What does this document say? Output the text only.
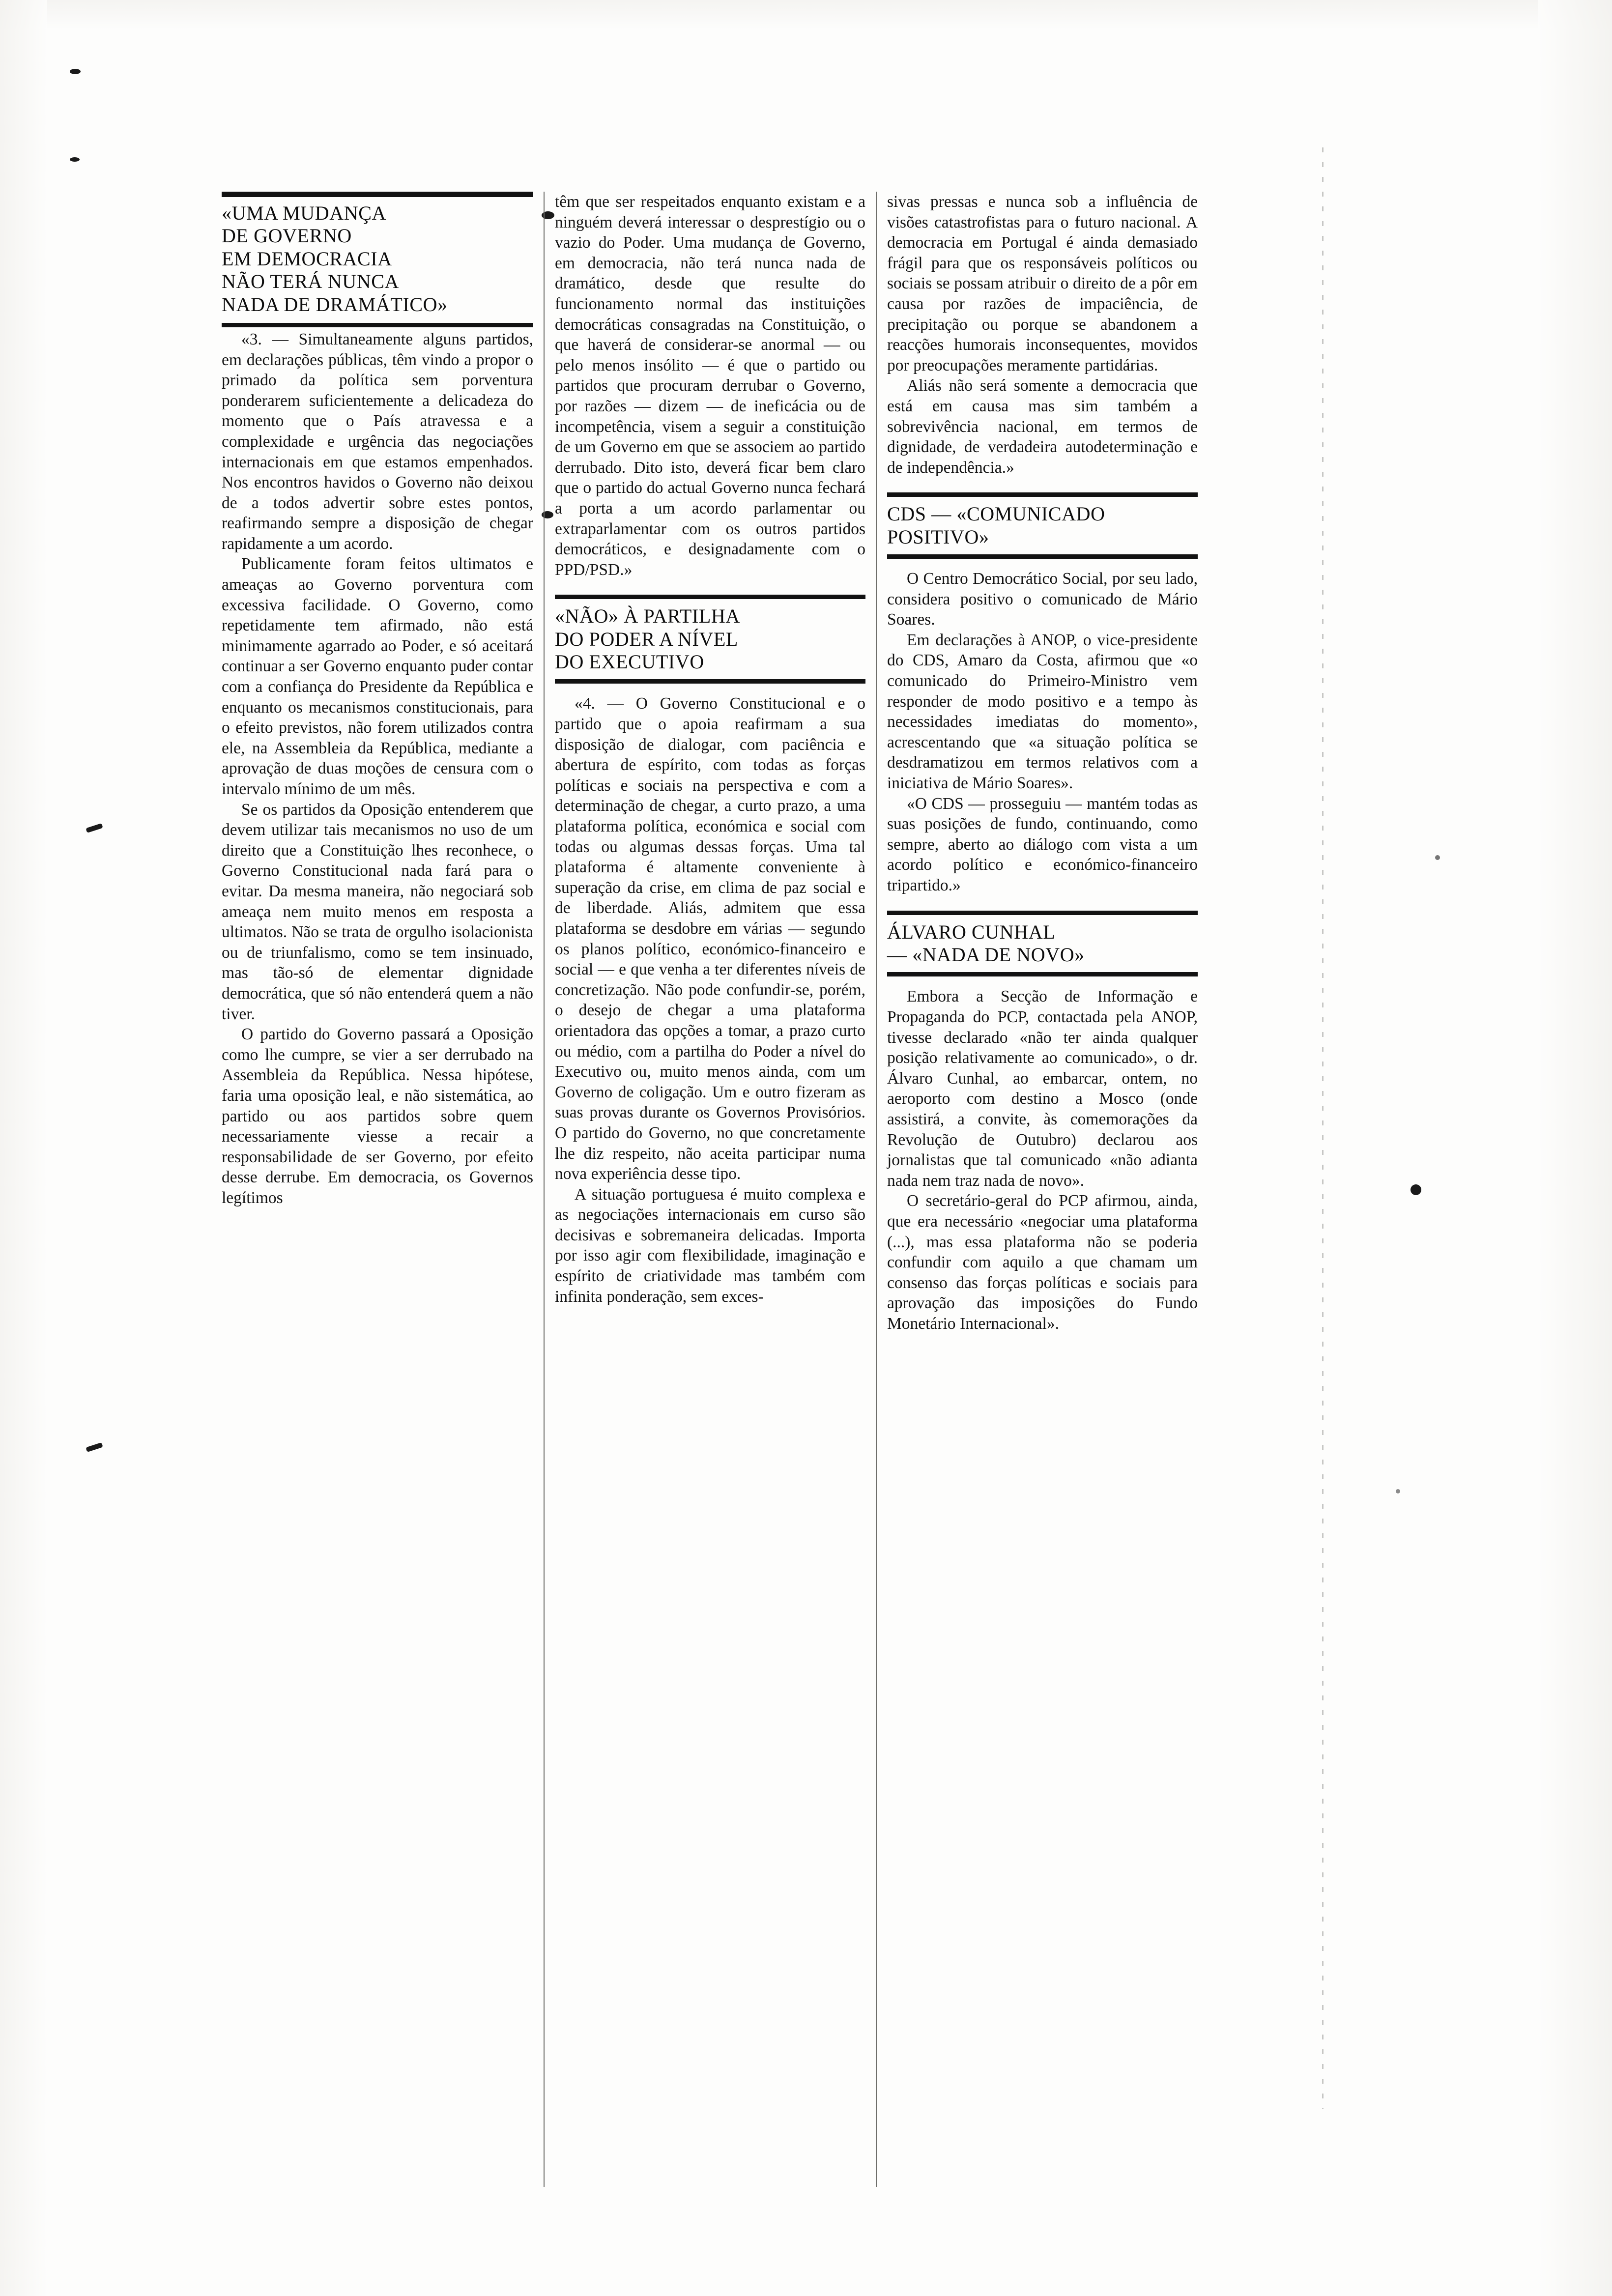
«UMA MUDANÇA
DE GOVERNO
EM DEMOCRACIA
NÃO TERÁ NUNCA
NADA DE DRAMÁTICO»

«3. — Simultaneamente alguns partidos, em declarações públicas, têm vindo a propor o primado da política sem porventura ponderarem suficientemente a delicadeza do momento que o País atravessa e a complexidade e urgência das negociações internacionais em que estamos empenhados. Nos encontros havidos o Governo não deixou de a todos advertir sobre estes pontos, reafirmando sempre a disposição de chegar rapidamente a um acordo.

Publicamente foram feitos ultimatos e ameaças ao Governo porventura com excessiva facilidade. O Governo, como repetidamente tem afirmado, não está minimamente agarrado ao Poder, e só aceitará continuar a ser Governo enquanto puder contar com a confiança do Presidente da República e enquanto os mecanismos constitucionais, para o efeito previstos, não forem utilizados contra ele, na Assembleia da República, mediante a aprovação de duas moções de censura com o intervalo mínimo de um mês.

Se os partidos da Oposição entenderem que devem utilizar tais mecanismos no uso de um direito que a Constituição lhes reconhece, o Governo Constitucional nada fará para o evitar. Da mesma maneira, não negociará sob ameaça nem muito menos em resposta a ultimatos. Não se trata de orgulho isolacionista ou de triunfalismo, como se tem insinuado, mas tão-só de elementar dignidade democrática, que só não entenderá quem a não tiver.

O partido do Governo passará a Oposição como lhe cumpre, se vier a ser derrubado na Assembleia da República. Nessa hipótese, faria uma oposição leal, e não sistemática, ao partido ou aos partidos sobre quem necessariamente viesse a recair a responsabilidade de ser Governo, por efeito desse derrube. Em democracia, os Governos legítimos

têm que ser respeitados enquanto existam e a ninguém deverá interessar o desprestígio ou o vazio do Poder. Uma mudança de Governo, em democracia, não terá nunca nada de dramático, desde que resulte do funcionamento normal das instituições democráticas consagradas na Constituição, o que haverá de considerar-se anormal — ou pelo menos insólito — é que o partido ou partidos que procuram derrubar o Governo, por razões — dizem — de ineficácia ou de incompetência, visem a seguir a constituição de um Governo em que se associem ao partido derrubado. Dito isto, deverá ficar bem claro que o partido do actual Governo nunca fechará a porta a um acordo parlamentar ou extraparlamentar com os outros partidos democráticos, e designadamente com o PPD/PSD.»

«NÃO» À PARTILHA
DO PODER A NÍVEL
DO EXECUTIVO

«4. — O Governo Constitucional e o partido que o apoia reafirmam a sua disposição de dialogar, com paciência e abertura de espírito, com todas as forças políticas e sociais na perspectiva e com a determinação de chegar, a curto prazo, a uma plataforma política, económica e social com todas ou algumas dessas forças. Uma tal plataforma é altamente conveniente à superação da crise, em clima de paz social e de liberdade. Aliás, admitem que essa plataforma se desdobre em várias — segundo os planos político, económico-financeiro e social — e que venha a ter diferentes níveis de concretização. Não pode confundir-se, porém, o desejo de chegar a uma plataforma orientadora das opções a tomar, a prazo curto ou médio, com a partilha do Poder a nível do Executivo ou, muito menos ainda, com um Governo de coligação. Um e outro fizeram as suas provas durante os Governos Provisórios. O partido do Governo, no que concretamente lhe diz respeito, não aceita participar numa nova experiência desse tipo.

A situação portuguesa é muito complexa e as negociações internacionais em curso são decisivas e sobremaneira delicadas. Importa por isso agir com flexibilidade, imaginação e espírito de criatividade mas também com infinita ponderação, sem exces-

sivas pressas e nunca sob a influência de visões catastrofistas para o futuro nacional. A democracia em Portugal é ainda demasiado frágil para que os responsáveis políticos ou sociais se possam atribuir o direito de a pôr em causa por razões de impaciência, de precipitação ou porque se abandonem a reacções humorais inconsequentes, movidos por preocupações meramente partidárias.

Aliás não será somente a democracia que está em causa mas sim também a sobrevivência nacional, em termos de dignidade, de verdadeira autodeterminação e de independência.»

CDS — «COMUNICADO
POSITIVO»

O Centro Democrático Social, por seu lado, considera positivo o comunicado de Mário Soares.

Em declarações à ANOP, o vice-presidente do CDS, Amaro da Costa, afirmou que «o comunicado do Primeiro-Ministro vem responder de modo positivo e a tempo às necessidades imediatas do momento», acrescentando que «a situação política se desdramatizou em termos relativos com a iniciativa de Mário Soares».

«O CDS — prosseguiu — mantém todas as suas posições de fundo, continuando, como sempre, aberto ao diálogo com vista a um acordo político e económico-financeiro tripartido.»

ÁLVARO CUNHAL
— «NADA DE NOVO»

Embora a Secção de Informação e Propaganda do PCP, contactada pela ANOP, tivesse declarado «não ter ainda qualquer posição relativamente ao comunicado», o dr. Álvaro Cunhal, ao embarcar, ontem, no aeroporto com destino a Mosco (onde assistirá, a convite, às comemorações da Revolução de Outubro) declarou aos jornalistas que tal comunicado «não adianta nada nem traz nada de novo».

O secretário-geral do PCP afirmou, ainda, que era necessário «negociar uma plataforma (...), mas essa plataforma não se poderia confundir com aquilo a que chamam um consenso das forças políticas e sociais para aprovação das imposições do Fundo Monetário Internacional».
